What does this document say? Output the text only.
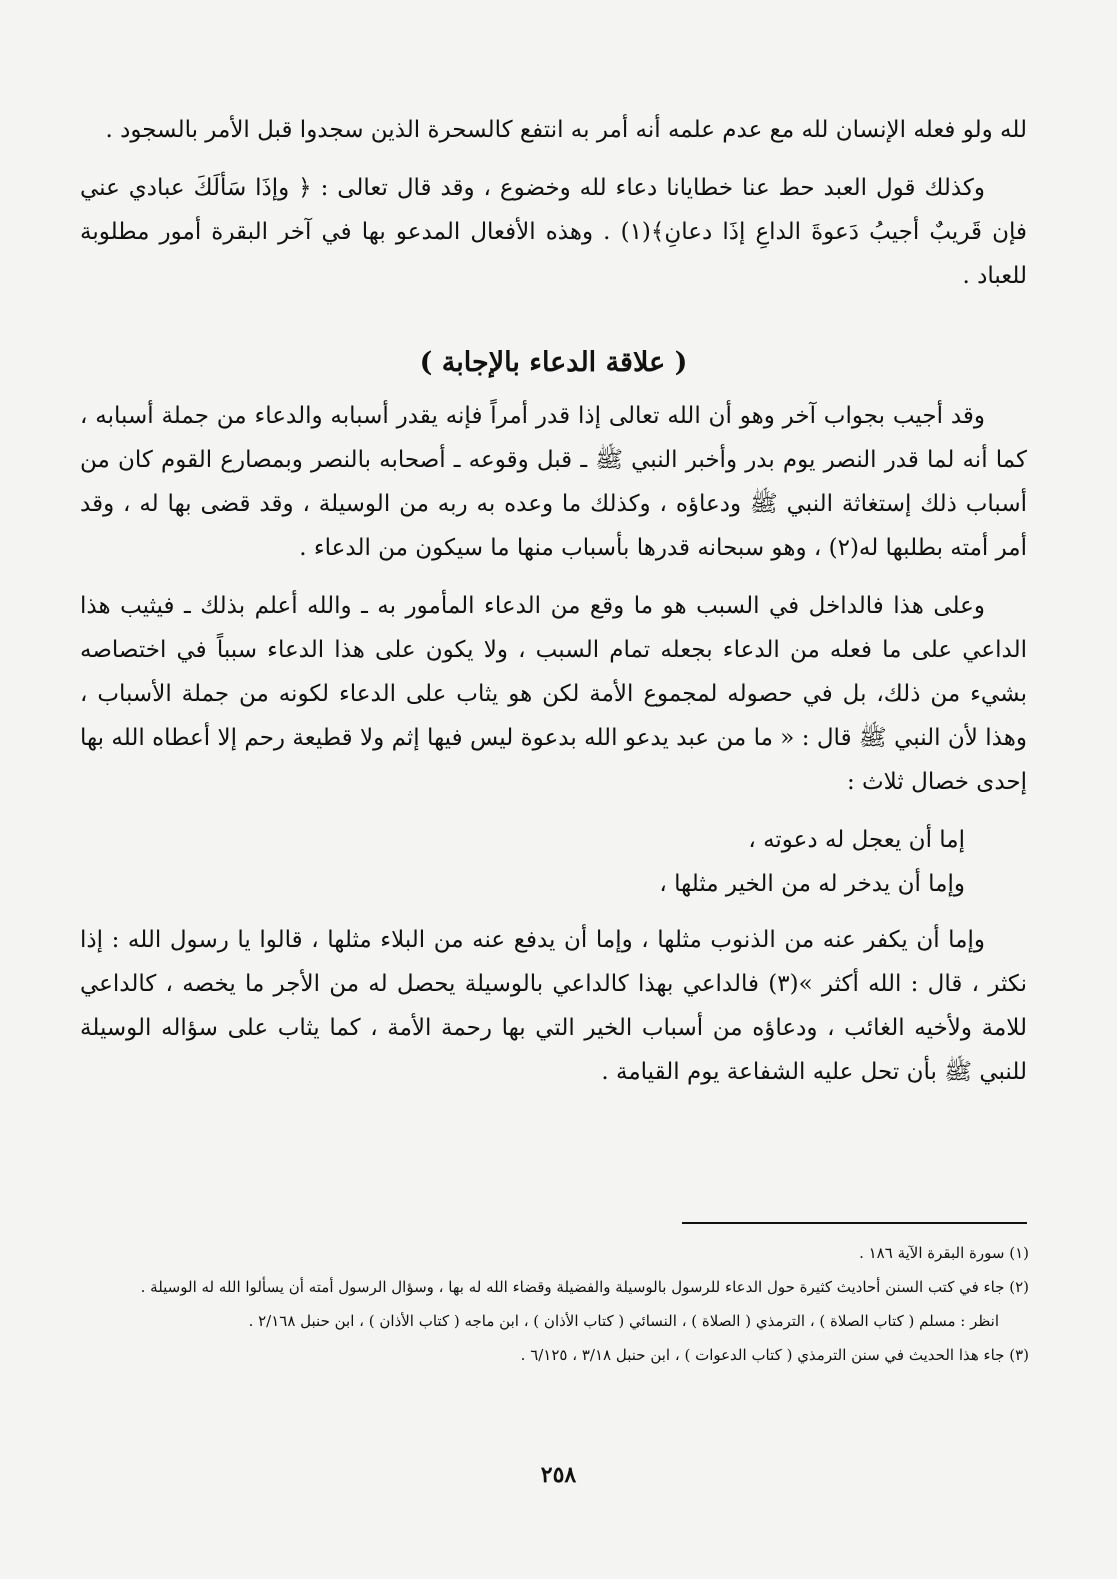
لله ولو فعله الإنسان لله مع عدم علمه أنه أمر به انتفع كالسحرة الذين سجدوا قبل الأمر بالسجود .

وكذلك قول العبد حط عنا خطايانا دعاء لله وخضوع ، وقد قال تعالى : ﴿ وإذَا سَألَكَ عبادي عني فإن قَريبٌ أجيبُ دَعوةَ الداعِ إذَا دعانِ﴾(١) . وهذه الأفعال المدعو بها في آخر البقرة أمور مطلوبة للعباد .

( علاقة الدعاء بالإجابة )

وقد أجيب بجواب آخر وهو أن الله تعالى إذا قدر أمراً فإنه يقدر أسبابه والدعاء من جملة أسبابه ، كما أنه لما قدر النصر يوم بدر وأخبر النبي ﷺ ـ قبل وقوعه ـ أصحابه بالنصر وبمصارع القوم كان من أسباب ذلك إستغاثة النبي ﷺ ودعاؤه ، وكذلك ما وعده به ربه من الوسيلة ، وقد قضى بها له ، وقد أمر أمته بطلبها له(٢) ، وهو سبحانه قدرها بأسباب منها ما سيكون من الدعاء .

وعلى هذا فالداخل في السبب هو ما وقع من الدعاء المأمور به ـ والله أعلم بذلك ـ فيثيب هذا الداعي على ما فعله من الدعاء بجعله تمام السبب ، ولا يكون على هذا الدعاء سبباً في اختصاصه بشيء من ذلك، بل في حصوله لمجموع الأمة لكن هو يثاب على الدعاء لكونه من جملة الأسباب ، وهذا لأن النبي ﷺ قال : « ما من عبد يدعو الله بدعوة ليس فيها إثم ولا قطيعة رحم إلا أعطاه الله بها إحدى خصال ثلاث :

إما أن يعجل له دعوته ،

وإما أن يدخر له من الخير مثلها ،

وإما أن يكفر عنه من الذنوب مثلها ، وإما أن يدفع عنه من البلاء مثلها ، قالوا يا رسول الله : إذا نكثر ، قال : الله أكثر »(٣) فالداعي بهذا كالداعي بالوسيلة يحصل له من الأجر ما يخصه ، كالداعي للامة ولأخيه الغائب ، ودعاؤه من أسباب الخير التي بها رحمة الأمة ، كما يثاب على سؤاله الوسيلة للنبي ﷺ بأن تحل عليه الشفاعة يوم القيامة .

(١) سورة البقرة الآية ١٨٦ .

(٢) جاء في كتب السنن أحاديث كثيرة حول الدعاء للرسول بالوسيلة والفضيلة وقضاء الله له بها ، وسؤال الرسول أمته أن يسألوا الله له الوسيلة .

انظر : مسلم ( كتاب الصلاة ) ، الترمذي ( الصلاة ) ، النسائي ( كتاب الأذان ) ، ابن ماجه ( كتاب الأذان ) ، ابن حنبل ٢/١٦٨ .

(٣) جاء هذا الحديث في سنن الترمذي ( كتاب الدعوات ) ، ابن حنبل ٣/١٨ ، ٦/١٢٥ .

٢٥٨
